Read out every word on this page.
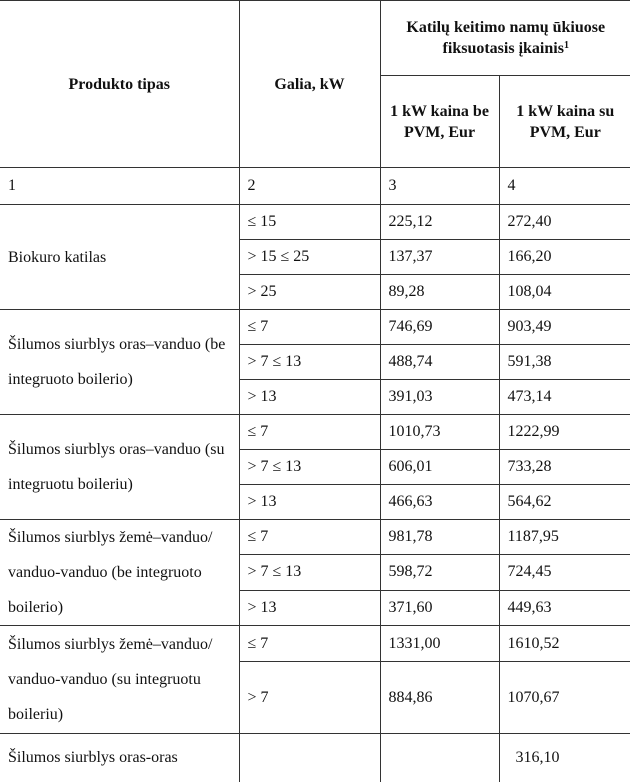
Produkto tipas	Galia, kW	Katilų keitimo namų ūkiuose fiksuotasis įkainis$^1$
		1 kW kaina be PVM, Eur	1 kW kaina su PVM, Eur
1	2	3	4
Biokuro katilas	≤ 15	225,12	272,40
	> 15 ≤ 25	137,37	166,20
	> 25	89,28	108,04
Šilumos siurblys oras–vanduo (be integruoto boilerio)	≤ 7	746,69	903,49
	> 7 ≤ 13	488,74	591,38
	> 13	391,03	473,14
Šilumos siurblys oras–vanduo (su integruotu boileriu)	≤ 7	1010,73	1222,99
	> 7 ≤ 13	606,01	733,28
	> 13	466,63	564,62
Šilumos siurblys žemė–vanduo/ vanduo-vanduo (be integruoto boilerio)	≤ 7	981,78	1187,95
	> 7 ≤ 13	598,72	724,45
	> 13	371,60	449,63
Šilumos siurblys žemė–vanduo/ vanduo-vanduo (su integruotu boileriu)	≤ 7	1331,00	1610,52
	> 7	884,86	1070,67
Šilumos siurblys oras-oras			316,10
